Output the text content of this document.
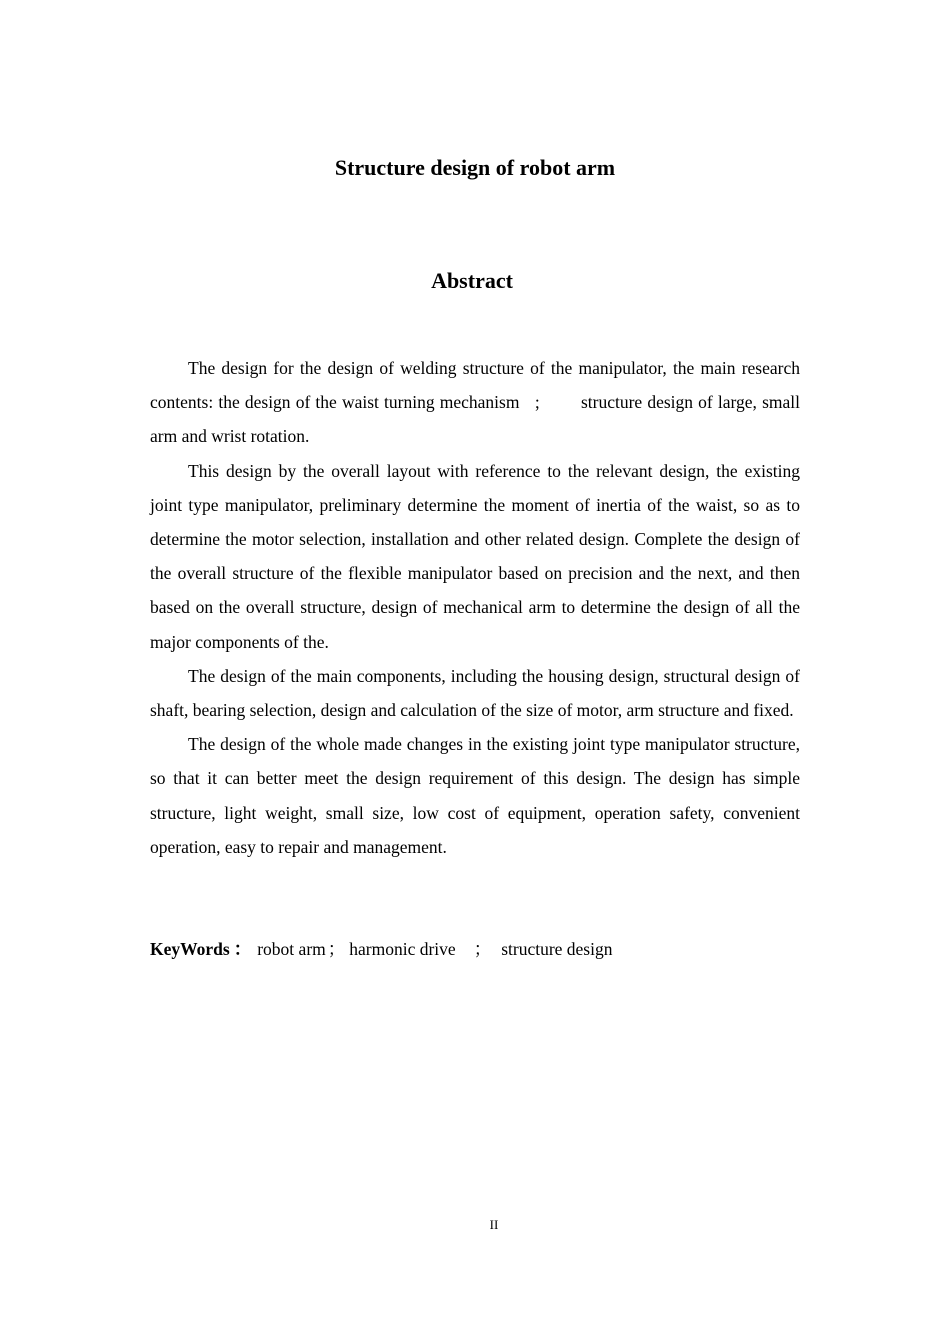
Structure design of robot arm
Abstract

The design for the design of welding structure of the manipulator, the main research contents: the design of the waist turning mechanism   ;        structure design of large, small arm and wrist rotation.

This design by the overall layout with reference to the relevant design, the existing joint type manipulator, preliminary determine the moment of inertia of the waist, so as to determine the motor selection, installation and other related design. Complete the design of the overall structure of the flexible manipulator based on precision and the next, and then based on the overall structure, design of mechanical arm to determine the design of all the major components of the.

The design of the main components, including the housing design, structural design of shaft, bearing selection, design and calculation of the size of motor, arm structure and fixed.

The design of the whole made changes in the existing joint type manipulator structure, so that it can better meet the design requirement of this design. The design has simple structure, light weight, small size, low cost of equipment, operation safety, convenient operation, easy to repair and management.

KeyWords ： robot arm ； harmonic drive ； structure design
II
